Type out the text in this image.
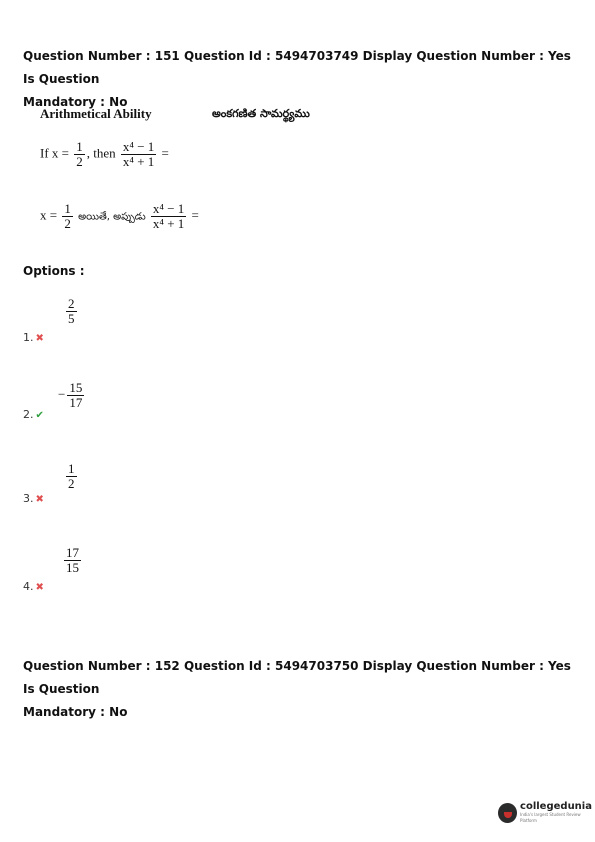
Question Number : 151 Question Id : 5494703749 Display Question Number : Yes Is Question
Mandatory : No
Arithmetical Ability	అంకగణిత సామర్థ్యము
If $x = \frac{1}{2}$ , then $\frac{\text{x⁴ − 1}}{\text{x⁴ + 1}}$ =
$x = \frac{1}{2}$ అయితే, అప్పుడు $\frac{\text{x⁴ − 1}}{\text{x⁴ + 1}}$ =
Options :
$\frac{2}{5}$
1. ✖
− $\frac{15}{17}$
2. ✔
$\frac{1}{2}$
3. ✖
$\frac{17}{15}$
4. ✖
Question Number : 152 Question Id : 5494703750 Display Question Number : Yes Is Question
Mandatory : No
collegedunia
India's largest Student Review Platform
